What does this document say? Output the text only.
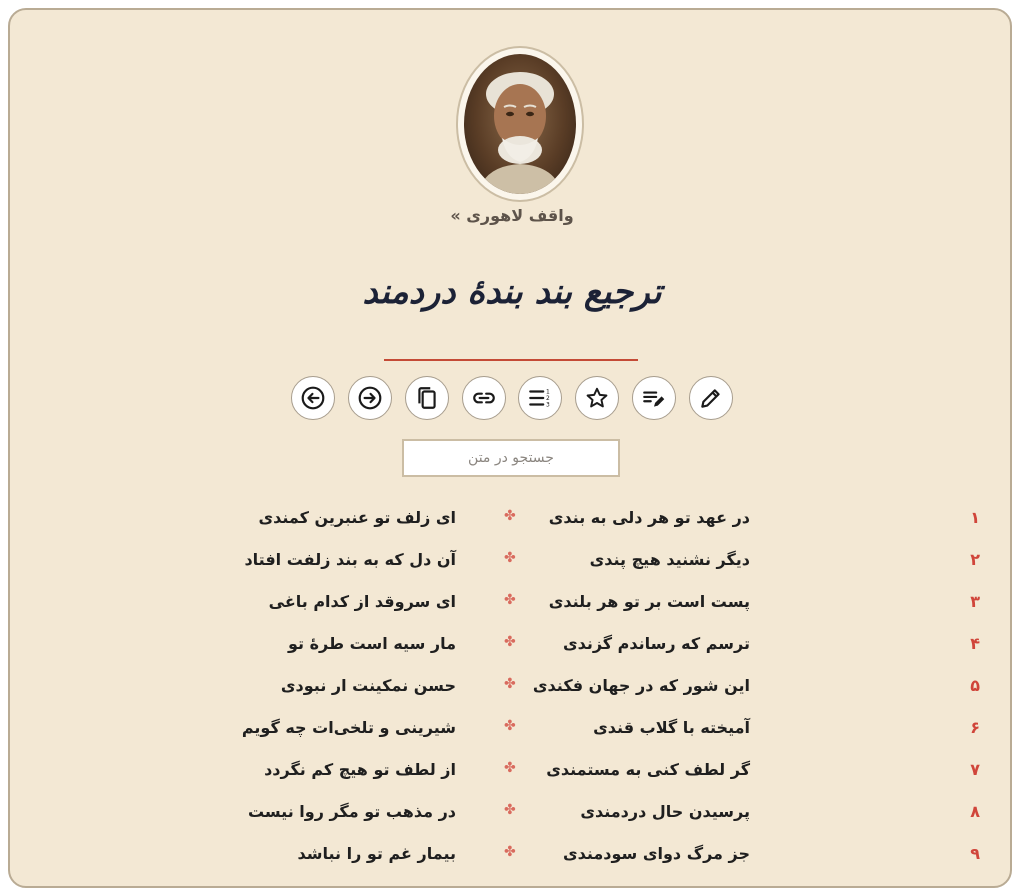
واقف لاهوری »
ترجیع بند بندهٔ دردمند
1
2
3
جستجو در متن
۱
ای زلف تو عنبرین کمندی	✤ در عهد تو هر دلی به بندی
۲
آن دل که به بند زلفت افتاد	✤	دیگر نشنید هیچ پندی
۳
ای سروقد از کدام باغی	✤ پست است بر تو هر بلندی
۴
مار سیه است طرهٔ تو	✤	ترسم که رساندم گزندی
۵
حسن نمکینت ار نبودی	✤ این شور که در جهان فکندی
۶
شیرینی و تلخی‌ات چه گویم	✤	آمیخته با گلاب قندی
۷
از لطف تو هیچ کم نگردد	✤ گر لطف کنی به مستمندی
۸
در مذهب تو مگر روا نیست	✤	پرسیدن حال دردمندی
۹
بیمار غم تو را نباشد	✤	جز مرگ دوای سودمندی
